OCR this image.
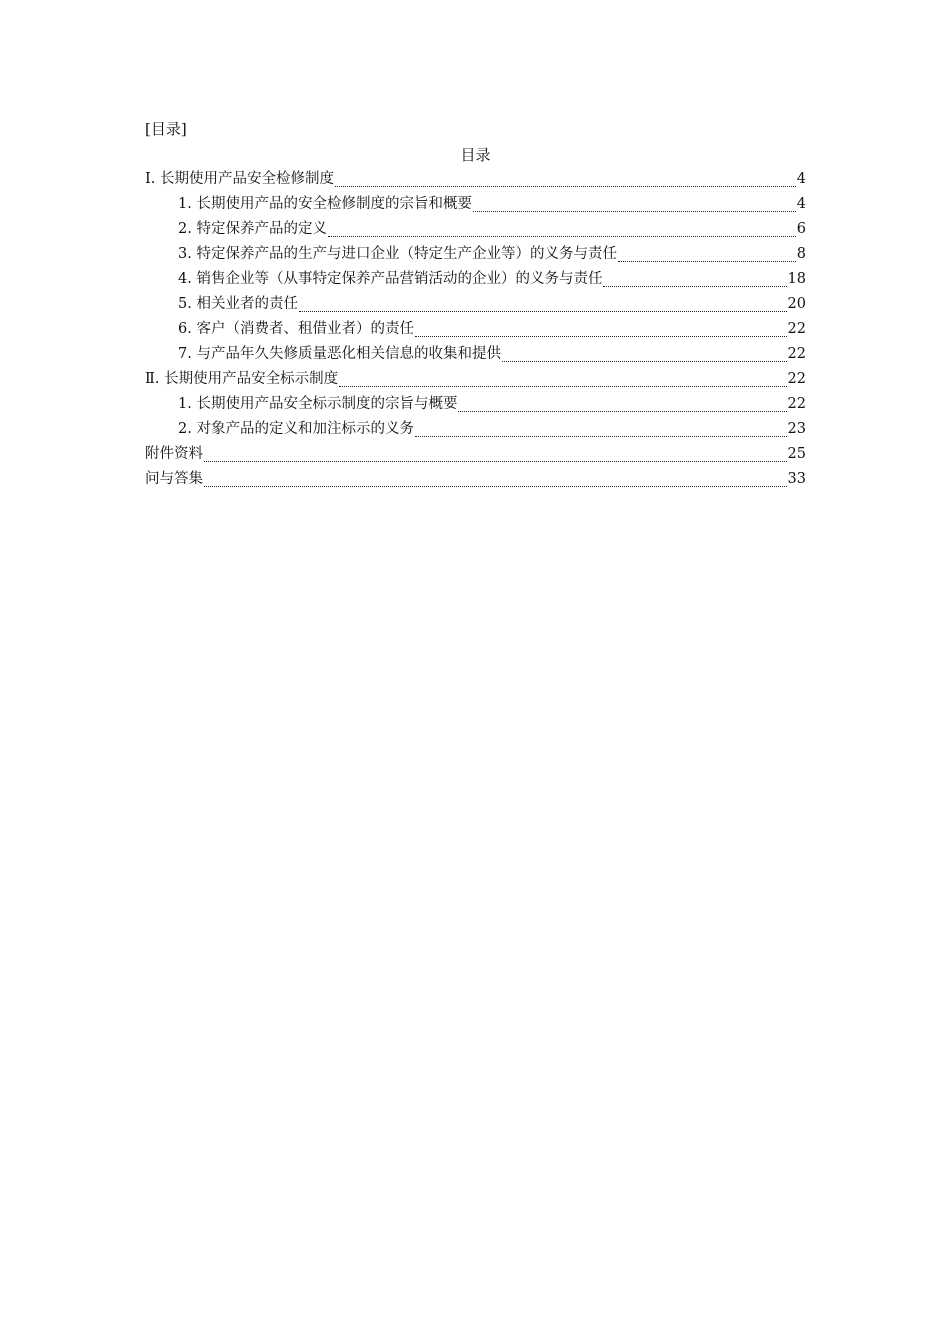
[目录]
目录
Ⅰ. 长期使用产品安全检修制度	4
1. 长期使用产品的安全检修制度的宗旨和概要	4
2. 特定保养产品的定义	6
3. 特定保养产品的生产与进口企业（特定生产企业等）的义务与责任	8
4. 销售企业等（从事特定保养产品营销活动的企业）的义务与责任	18
5. 相关业者的责任	20
6. 客户（消费者、租借业者）的责任	22
7. 与产品年久失修质量恶化相关信息的收集和提供	22
Ⅱ. 长期使用产品安全标示制度	22
1. 长期使用产品安全标示制度的宗旨与概要	22
2. 对象产品的定义和加注标示的义务	23
附件资料	25
问与答集	33
